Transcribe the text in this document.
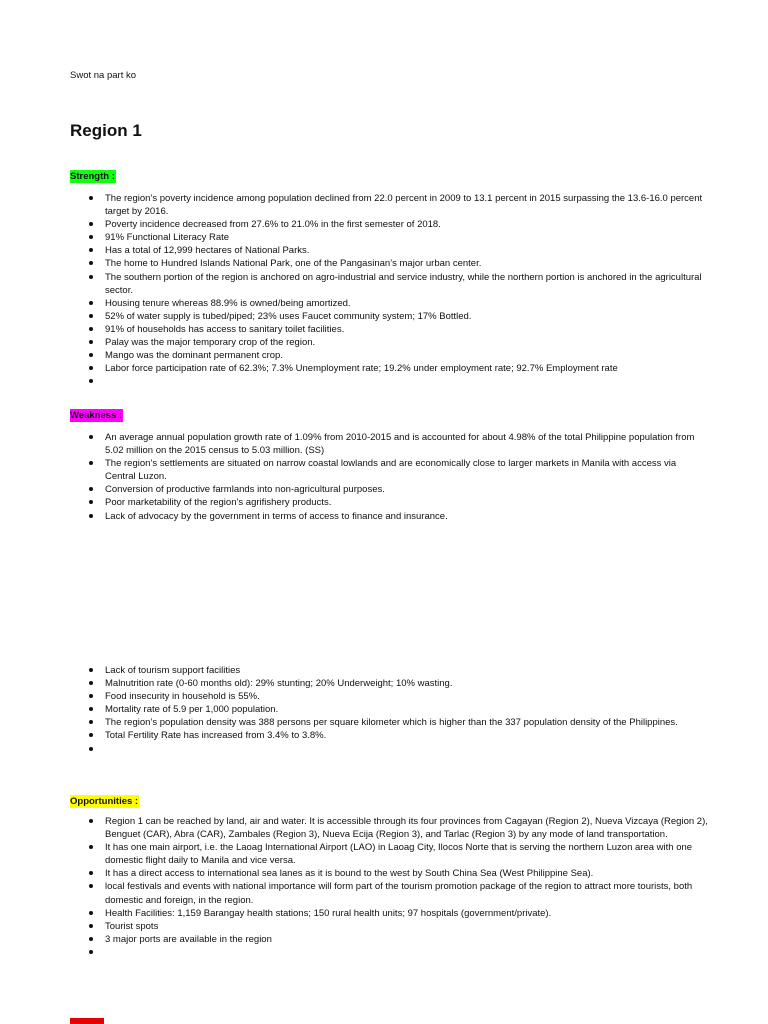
Swot na part ko
Region 1
Strength :
The region’s poverty incidence among population declined from 22.0 percent in 2009 to 13.1 percent in 2015 surpassing the 13.6-16.0 percent target by 2016.
Poverty incidence decreased from 27.6% to 21.0% in the first semester of 2018.
91% Functional Literacy Rate
Has a total of 12,999 hectares of National Parks.
The home to Hundred Islands National Park, one of the Pangasinan’s major urban center.
The southern portion of the region is anchored on agro-industrial and service industry, while the northern portion is anchored in the agricultural sector.
Housing tenure whereas 88.9% is owned/being amortized.
52% of water supply is tubed/piped; 23% uses Faucet community system; 17% Bottled.
91% of households has access to sanitary toilet facilities.
Palay was the major temporary crop of the region.
Mango was the dominant permanent crop.
Labor force participation rate of 62.3%; 7.3% Unemployment rate; 19.2% under employment rate; 92.7% Employment rate
Weakness :
An average annual population growth rate of 1.09% from 2010-2015 and is accounted for about 4.98% of the total Philippine population from 5.02 million on the 2015 census to 5.03 million. (SS)
The region’s settlements are situated on narrow coastal lowlands and are economically close to larger markets in Manila with access via Central Luzon.
Conversion of productive farmlands into non-agricultural purposes.
Poor marketability of the region’s agrifishery products.
Lack of advocacy by the government in terms of access to finance and insurance.
Lack of tourism support facilities
Malnutrition rate (0-60 months old): 29% stunting; 20% Underweight; 10% wasting.
Food insecurity in household is 55%.
Mortality rate of 5.9 per 1,000 population.
The region’s population density was 388 persons per square kilometer which is higher than the 337 population density of the Philippines.
Total Fertility Rate has increased from 3.4% to 3.8%.
Opportunities :
Region 1 can be reached by land, air and water. It is accessible through its four provinces from Cagayan (Region 2), Nueva Vizcaya (Region 2), Benguet (CAR), Abra (CAR), Zambales (Region 3), Nueva Ecija (Region 3), and Tarlac (Region 3) by any mode of land transportation.
It has one main airport, i.e. the Laoag International Airport (LAO) in Laoag City, Ilocos Norte that is serving the northern Luzon area with one domestic flight daily to Manila and vice versa.
It has a direct access to international sea lanes as it is bound to the west by South China Sea (West Philippine Sea).
local festivals and events with national importance will form part of the tourism promotion package of the region to attract more tourists, both domestic and foreign, in the region.
Health Facilities: 1,159 Barangay health stations; 150 rural health units; 97 hospitals (government/private).
Tourist spots
3 major ports are available in the region
